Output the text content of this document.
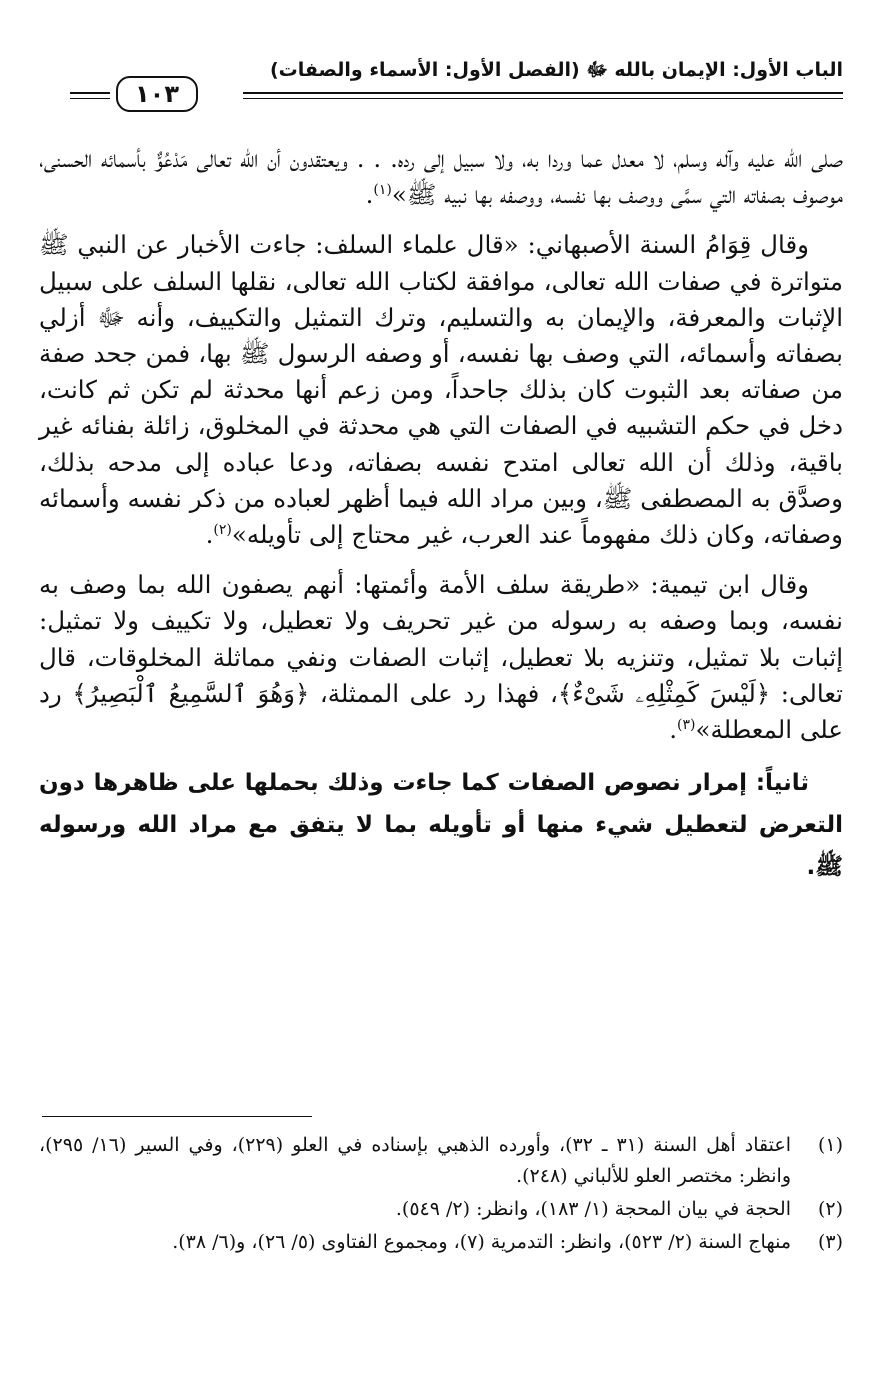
الباب الأول: الإيمان بالله ﷻ (الفصل الأول: الأسماء والصفات)
١٠٣

صلى الله عليه وآله وسلم، لا معدل عما وردا به، ولا سبيل إلى رده. . . ويعتقدون أن الله تعالى مَدْعُوٌّ بأسمائه الحسنى، موصوف بصفاته التي سمَّى ووصف بها نفسه، ووصفه بها نبيه ﷺ»$^{(١)}$.

وقال قِوَامُ السنة الأصبهاني: «قال علماء السلف: جاءت الأخبار عن النبي ﷺ متواترة في صفات الله تعالى، موافقة لكتاب الله تعالى، نقلها السلف على سبيل الإثبات والمعرفة، والإيمان به والتسليم، وترك التمثيل والتكييف، وأنه ﷻ أزلي بصفاته وأسمائه، التي وصف بها نفسه، أو وصفه الرسول ﷺ بها، فمن جحد صفة من صفاته بعد الثبوت كان بذلك جاحداً، ومن زعم أنها محدثة لم تكن ثم كانت، دخل في حكم التشبيه في الصفات التي هي محدثة في المخلوق، زائلة بفنائه غير باقية، وذلك أن الله تعالى امتدح نفسه بصفاته، ودعا عباده إلى مدحه بذلك، وصدَّق به المصطفى ﷺ، وبين مراد الله فيما أظهر لعباده من ذكر نفسه وأسمائه وصفاته، وكان ذلك مفهوماً عند العرب، غير محتاج إلى تأويله»$^{(٢)}$.

وقال ابن تيمية: «طريقة سلف الأمة وأئمتها: أنهم يصفون الله بما وصف به نفسه، وبما وصفه به رسوله من غير تحريف ولا تعطيل، ولا تكييف ولا تمثيل: إثبات بلا تمثيل، وتنزيه بلا تعطيل، إثبات الصفات ونفي مماثلة المخلوقات، قال تعالى: ﴿لَيْسَ كَمِثْلِهِۦ شَىْءٌ﴾، فهذا رد على الممثلة، ﴿وَهُوَ ٱلسَّمِيعُ ٱلْبَصِيرُ﴾ رد على المعطلة»$^{(٣)}$.

ثانياً: إمرار نصوص الصفات كما جاءت وذلك بحملها على ظاهرها دون التعرض لتعطيل شيء منها أو تأويله بما لا يتفق مع مراد الله ورسوله ﷺ.

(١)
اعتقاد أهل السنة (٣١ ـ ٣٢)، وأورده الذهبي بإسناده في العلو (٢٢٩)، وفي السير (١٦/ ٢٩٥)، وانظر: مختصر العلو للألباني (٢٤٨).
(٢)
الحجة في بيان المحجة (١/ ١٨٣)، وانظر: (٢/ ٥٤٩).
(٣)
منهاج السنة (٢/ ٥٢٣)، وانظر: التدمرية (٧)، ومجموع الفتاوى (٥/ ٢٦)، و(٦/ ٣٨).
